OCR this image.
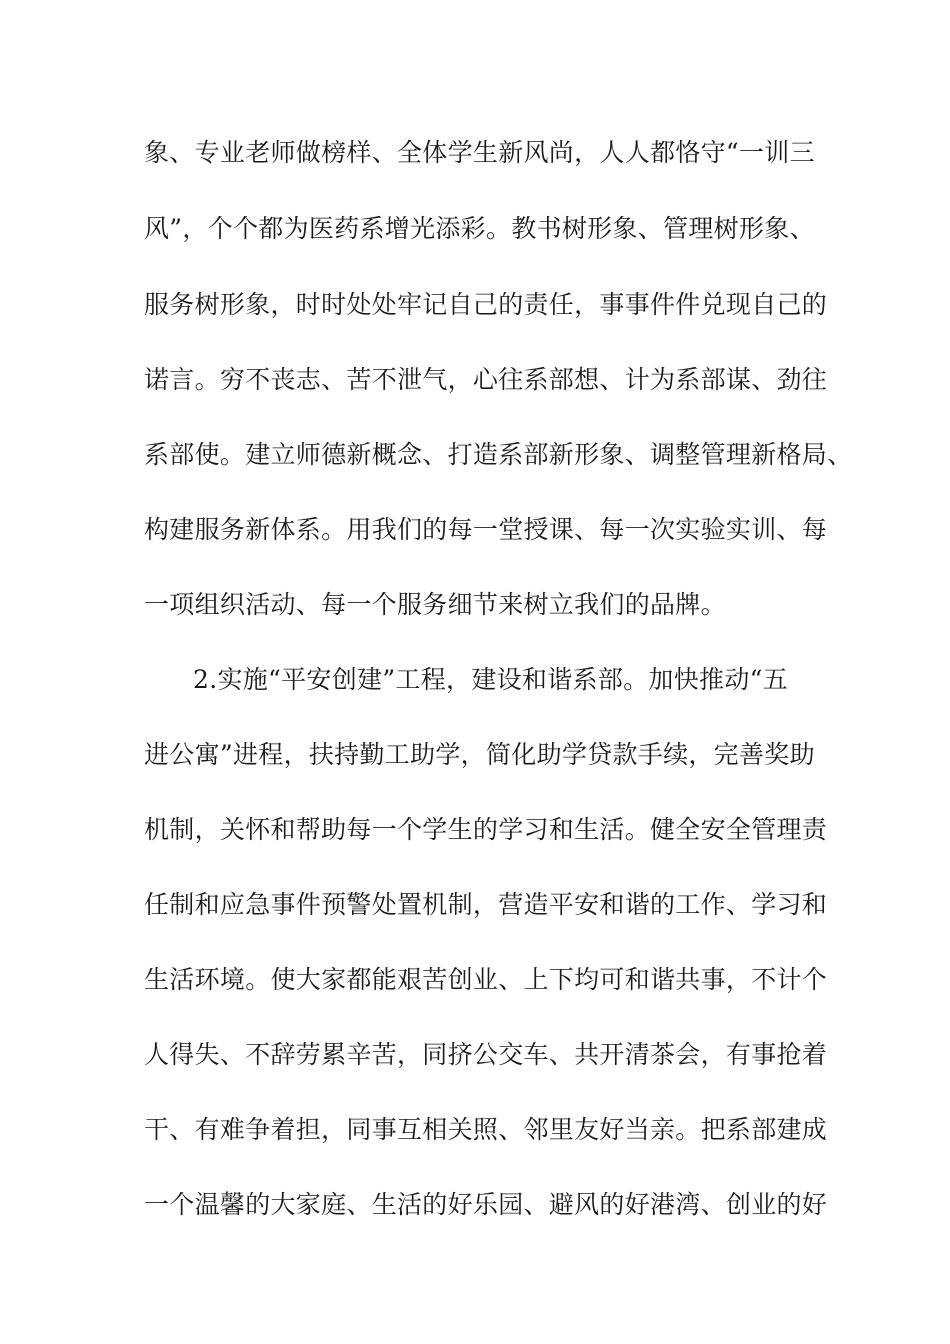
象、专业老师做榜样、全体学生新风尚，人人都恪守“一训三
风”，个个都为医药系增光添彩。教书树形象、管理树形象、
服务树形象，时时处处牢记自己的责任，事事件件兑现自己的
诺言。穷不丧志、苦不泄气，心往系部想、计为系部谋、劲往
系部使。建立师德新概念、打造系部新形象、调整管理新格局、
构建服务新体系。用我们的每一堂授课、每一次实验实训、每
一项组织活动、每一个服务细节来树立我们的品牌。
2.实施“平安创建”工程，建设和谐系部。加快推动“五
进公寓”进程，扶持勤工助学，简化助学贷款手续，完善奖助
机制，关怀和帮助每一个学生的学习和生活。健全安全管理责
任制和应急事件预警处置机制，营造平安和谐的工作、学习和
生活环境。使大家都能艰苦创业、上下均可和谐共事，不计个
人得失、不辞劳累辛苦，同挤公交车、共开清茶会，有事抢着
干、有难争着担，同事互相关照、邻里友好当亲。把系部建成
一个温馨的大家庭、生活的好乐园、避风的好港湾、创业的好
